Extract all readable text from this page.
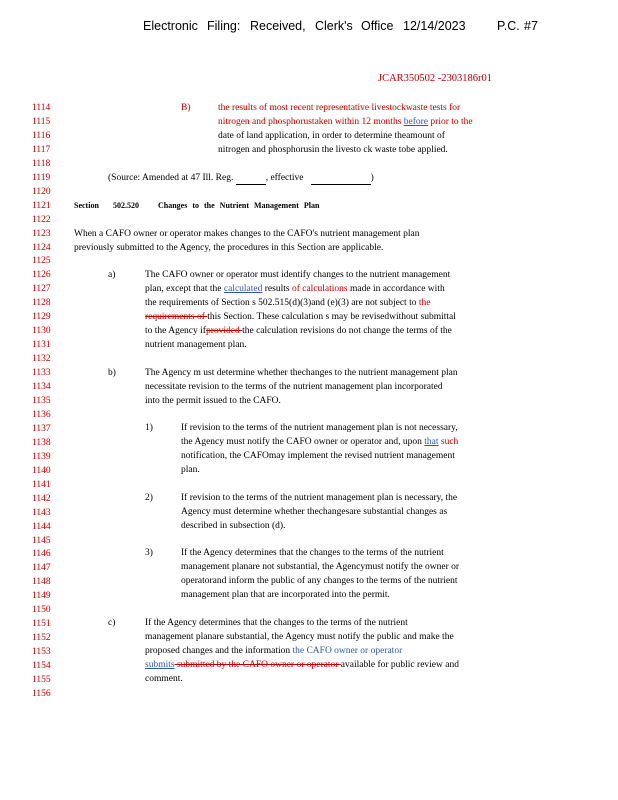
Electronic Filing: Received, Clerk's Office 12/14/2023	P.C. #7
JCAR350502 -2303186r01
1114
1115
1116
1117
1118
1119
1120
1121
1122
1123
1124
1125
1126
1127
1128
1129
1130
1131
1132
1133
1134
1135
1136
1137
1138
1139
1140
1141
1142
1143
1144
1145
1146
1147
1148
1149
1150
1151
1152
1153
1154
1155
1156
B)	the results of most recent representative livestockwaste tests for
nitrogen and phosphorustaken within 12 months before prior to the
date of land application, in order to determine theamount of
nitrogen and phosphorusin the livesto ck waste tobe applied.
(Source: Amended at 47 Ill. Reg.	, effective	)
Section 502.520 Changes to the Nutrient Management Plan
When a CAFO owner or operator makes changes to the CAFO's nutrient management plan
previously submitted to the Agency, the procedures in this Section are applicable.
a)	The CAFO owner or operator must identify changes to the nutrient management
plan, except that the calculated results of calculations made in accordance with
the requirements of Section s 502.515(d)(3)and (e)(3) are not subject to the
requirements of this Section. These calculation s may be revisedwithout submittal
to the Agency ifprovided the calculation revisions do not change the terms of the
nutrient management plan.
b)	The Agency m ust determine whether thechanges to the nutrient management plan
necessitate revision to the terms of the nutrient management plan incorporated
into the permit issued to the CAFO.
1)	If revision to the terms of the nutrient management plan is not necessary,
the Agency must notify the CAFO owner or operator and, upon that such
notification, the CAFOmay implement the revised nutrient management
plan.
2)	If revision to the terms of the nutrient management plan is necessary, the
Agency must determine whether thechangesare substantial changes as
described in subsection (d).
3)	If the Agency determines that the changes to the terms of the nutrient
management planare not substantial, the Agencymust notify the owner or
operatorand inform the public of any changes to the terms of the nutrient
management plan that are incorporated into the permit.
c)	If the Agency determines that the changes to the terms of the nutrient
management planare substantial, the Agency must notify the public and make the
proposed changes and the information the CAFO owner or operator
submits submitted by the CAFO owner or operator available for public review and
comment.
